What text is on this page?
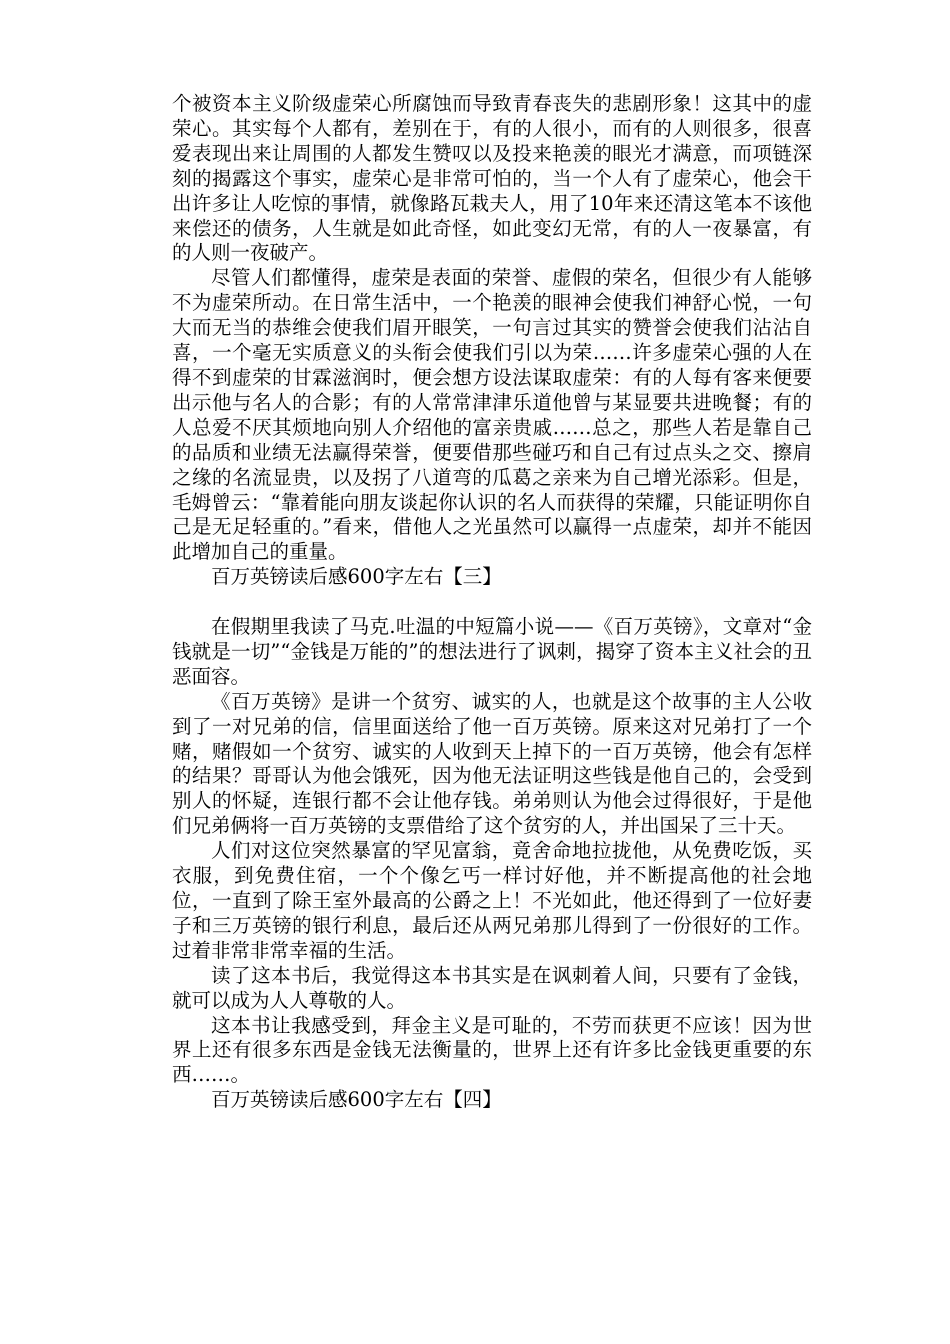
个被资本主义阶级虚荣心所腐蚀而导致青春丧失的悲剧形象！这其中的虚荣心。其实每个人都有，差别在于，有的人很小，而有的人则很多，很喜爱表现出来让周围的人都发生赞叹以及投来艳羡的眼光才满意，而项链深刻的揭露这个事实，虚荣心是非常可怕的，当一个人有了虚荣心，他会干出许多让人吃惊的事情，就像路瓦栽夫人，用了10年来还清这笔本不该他来偿还的债务，人生就是如此奇怪，如此变幻无常，有的人一夜暴富，有的人则一夜破产。

尽管人们都懂得，虚荣是表面的荣誉、虚假的荣名，但很少有人能够不为虚荣所动。在日常生活中，一个艳羡的眼神会使我们神舒心悦，一句大而无当的恭维会使我们眉开眼笑，一句言过其实的赞誉会使我们沾沾自喜，一个毫无实质意义的头衔会使我们引以为荣……许多虚荣心强的人在得不到虚荣的甘霖滋润时，便会想方设法谋取虚荣：有的人每有客来便要出示他与名人的合影；有的人常常津津乐道他曾与某显要共进晚餐；有的人总爱不厌其烦地向别人介绍他的富亲贵戚……总之，那些人若是靠自己的品质和业绩无法赢得荣誉，便要借那些碰巧和自己有过点头之交、擦肩之缘的名流显贵，以及拐了八道弯的瓜葛之亲来为自己增光添彩。但是，毛姆曾云：“靠着能向朋友谈起你认识的名人而获得的荣耀，只能证明你自己是无足轻重的。”看来，借他人之光虽然可以赢得一点虚荣，却并不能因此增加自己的重量。

百万英镑读后感600字左右【三】

在假期里我读了马克.吐温的中短篇小说——《百万英镑》，文章对“金钱就是一切”“金钱是万能的”的想法进行了讽刺，揭穿了资本主义社会的丑恶面容。

《百万英镑》是讲一个贫穷、诚实的人，也就是这个故事的主人公收到了一对兄弟的信，信里面送给了他一百万英镑。原来这对兄弟打了一个赌，赌假如一个贫穷、诚实的人收到天上掉下的一百万英镑，他会有怎样的结果？哥哥认为他会饿死，因为他无法证明这些钱是他自己的，会受到别人的怀疑，连银行都不会让他存钱。弟弟则认为他会过得很好，于是他们兄弟俩将一百万英镑的支票借给了这个贫穷的人，并出国呆了三十天。

人们对这位突然暴富的罕见富翁，竟舍命地拉拢他，从免费吃饭，买衣服，到免费住宿，一个个像乞丐一样讨好他，并不断提高他的社会地位，一直到了除王室外最高的公爵之上！不光如此，他还得到了一位好妻子和三万英镑的银行利息，最后还从两兄弟那儿得到了一份很好的工作。过着非常非常幸福的生活。

读了这本书后，我觉得这本书其实是在讽刺着人间，只要有了金钱，就可以成为人人尊敬的人。

这本书让我感受到，拜金主义是可耻的，不劳而获更不应该！因为世界上还有很多东西是金钱无法衡量的，世界上还有许多比金钱更重要的东西……。

百万英镑读后感600字左右【四】
